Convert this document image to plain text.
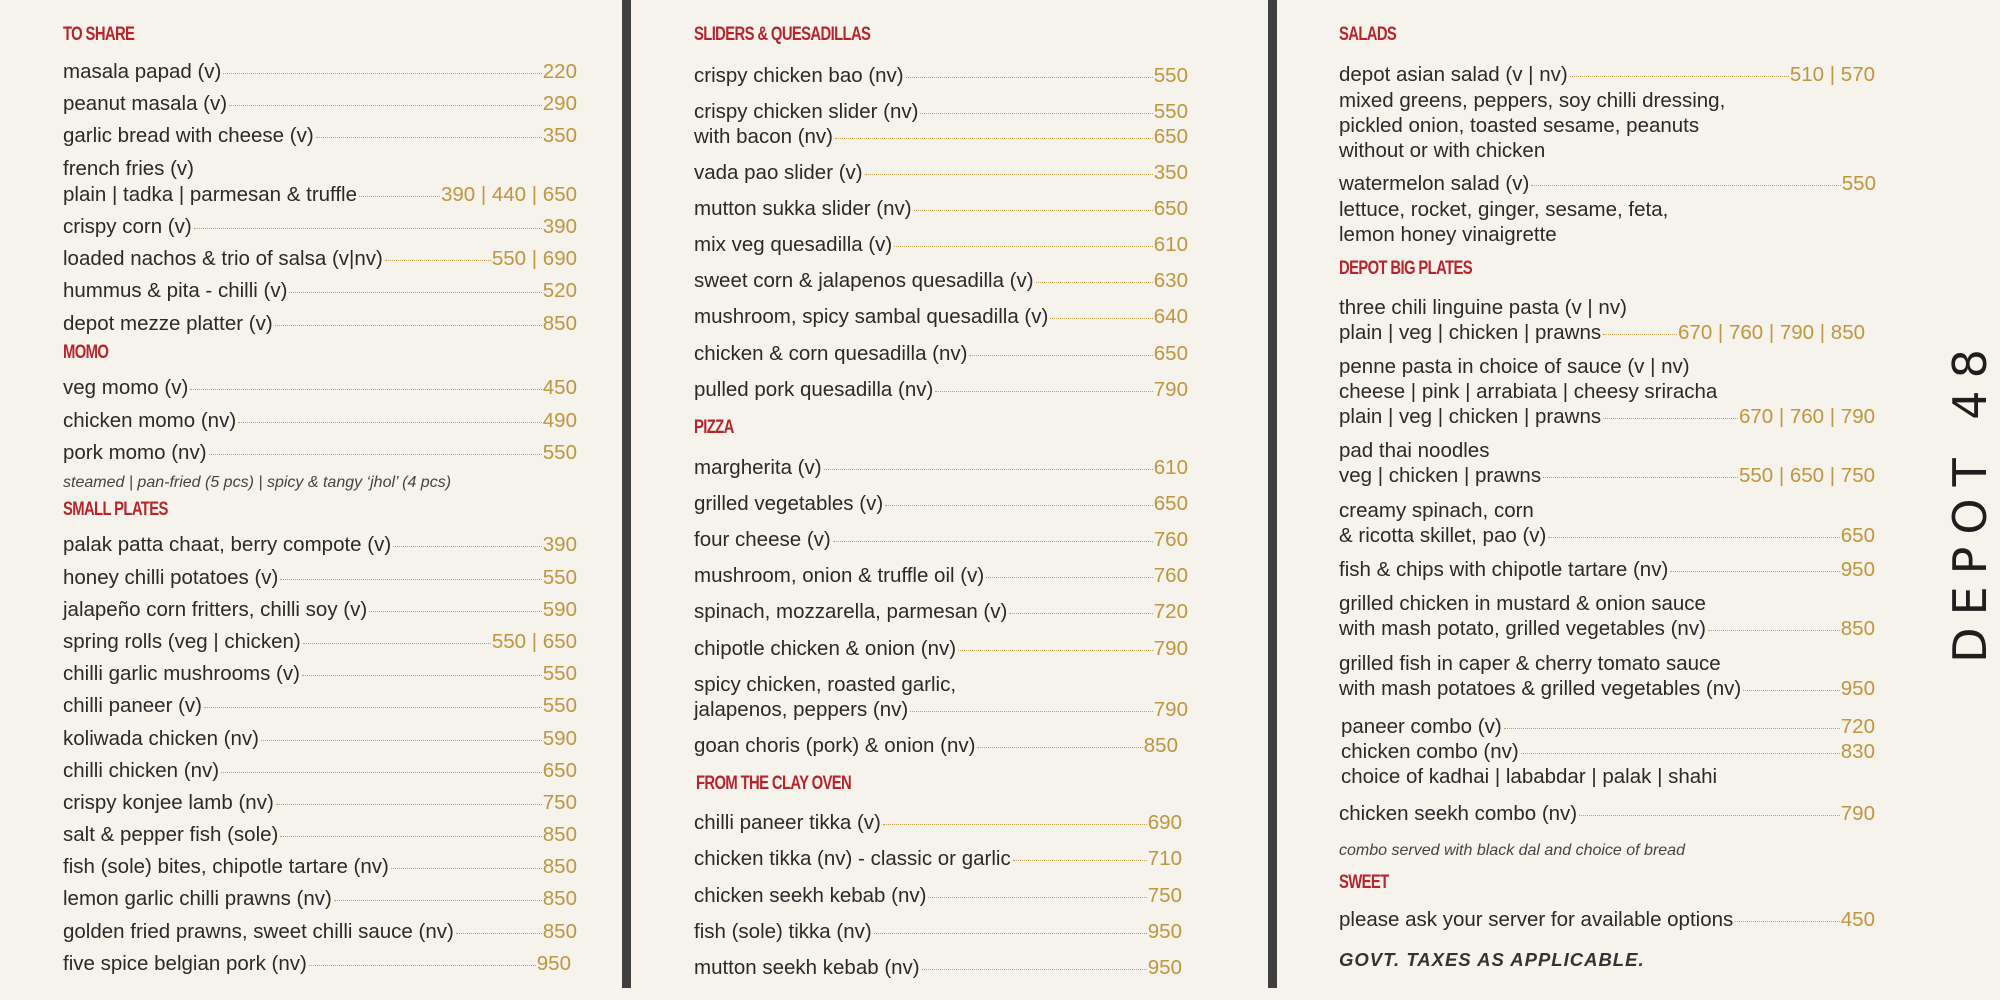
TO SHARE
masala papad (v)	220
peanut masala (v)	290
garlic bread with cheese (v)	350
french fries (v)
plain | tadka | parmesan & truffle	390 | 440 | 650
crispy corn (v)	390
loaded nachos & trio of salsa (v|nv)	550 | 690
hummus & pita - chilli (v)	520
depot mezze platter (v)	850
MOMO
veg momo (v)	450
chicken momo (nv)	490
pork momo (nv)	550
steamed | pan-fried (5 pcs) | spicy & tangy ‘jhol’ (4 pcs)
SMALL PLATES
palak patta chaat, berry compote (v)	390
honey chilli potatoes (v)	550
jalapeño corn fritters, chilli soy (v)	590
spring rolls (veg | chicken)	550 | 650
chilli garlic mushrooms (v)	550
chilli paneer (v)	550
koliwada chicken (nv)	590
chilli chicken (nv)	650
crispy konjee lamb (nv)	750
salt & pepper fish (sole)	850
fish (sole) bites, chipotle tartare (nv)	850
lemon garlic chilli prawns (nv)	850
golden fried prawns, sweet chilli sauce (nv)	850
five spice belgian pork (nv)	950
SLIDERS & QUESADILLAS
crispy chicken bao (nv)	550
crispy chicken slider (nv)	550
with bacon (nv)	650
vada pao slider (v)	350
mutton sukka slider (nv)	650
mix veg quesadilla (v)	610
sweet corn & jalapenos quesadilla (v)	630
mushroom, spicy sambal quesadilla (v)	640
chicken & corn quesadilla (nv)	650
pulled pork quesadilla (nv)	790
PIZZA
margherita (v)	610
grilled vegetables (v)	650
four cheese (v)	760
mushroom, onion & truffle oil (v)	760
spinach, mozzarella, parmesan (v)	720
chipotle chicken & onion (nv)	790
spicy chicken, roasted garlic,
jalapenos, peppers (nv)	790
goan choris (pork) & onion (nv)	850
FROM THE CLAY OVEN
chilli paneer tikka (v)	690
chicken tikka (nv) - classic or garlic	710
chicken seekh kebab (nv)	750
fish (sole) tikka (nv)	950
mutton seekh kebab (nv)	950
SALADS
depot asian salad (v | nv)	510 | 570
mixed greens, peppers, soy chilli dressing,
pickled onion, toasted sesame, peanuts
without or with chicken
watermelon salad (v)	550
lettuce, rocket, ginger, sesame, feta,
lemon honey vinaigrette
DEPOT BIG PLATES
three chili linguine pasta (v | nv)
plain | veg | chicken | prawns	670 | 760 | 790 | 850
penne pasta in choice of sauce (v | nv)
cheese | pink | arrabiata | cheesy sriracha
plain | veg | chicken | prawns	670 | 760 | 790
pad thai noodles
veg | chicken | prawns	550 | 650 | 750
creamy spinach, corn
& ricotta skillet, pao (v)	650
fish & chips with chipotle tartare (nv)	950
grilled chicken in mustard & onion sauce
with mash potato, grilled vegetables (nv)	850
grilled fish in caper & cherry tomato sauce
with mash potatoes & grilled vegetables (nv)	950
paneer combo (v)	720
chicken combo (nv)	830
choice of kadhai | lababdar | palak | shahi
chicken seekh combo (nv)	790
combo served with black dal and choice of bread
SWEET
please ask your server for available options	450
GOVT. TAXES AS APPLICABLE.
DEPOT 48
